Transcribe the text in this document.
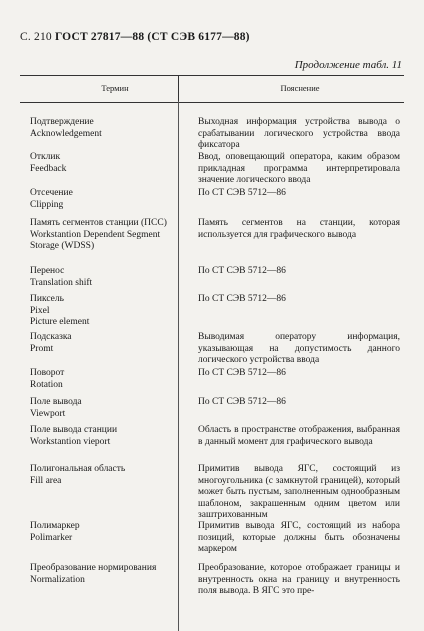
С. 210 ГОСТ 27817—88 (СТ СЭВ 6177—88)
Продолжение табл. 11
Термин	Пояснение

Подтверждение

Acknowledgement

Выходная информация устройства вывода о срабатывании логического устройства ввода фиксатора

Отклик

Feedback

Ввод, оповещающий оператора, каким образом прикладная программа интерпретировала значение логического ввода

Отсечение

Clipping

По СТ СЭВ 5712—86

Память сегментов станции (ПСС)

Workstantion Dependent Segment Storage (WDSS)

Память сегментов на станции, которая используется для графического вывода

Перенос

Translation shift

По СТ СЭВ 5712—86

Пиксель

Pixel

Picture element

По СТ СЭВ 5712—86

Подсказка

Promt

Выводимая оператору информация, указывающая на допустимость данного логического устройства ввода

Поворот

Rotation

По СТ СЭВ 5712—86

Поле вывода

Viewport

По СТ СЭВ 5712—86

Поле вывода станции

Workstantion vieport

Область в пространстве отображения, выбранная в данный момент для графического вывода

Полигональная область

Fill area

Примитив вывода ЯГС, состоящий из многоугольника (с замкнутой границей), который может быть пустым, заполненным однообразным шаблоном, закрашенным одним цветом или заштрихованным

Полимаркер

Polimarker

Примитив вывода ЯГС, состоящий из набора позиций, которые должны быть обозначены маркером

Преобразование нормирования

Normalization

Преобразование, которое отображает границы и внутренность окна на границу и внутренность поля вывода. В ЯГС это пре-
